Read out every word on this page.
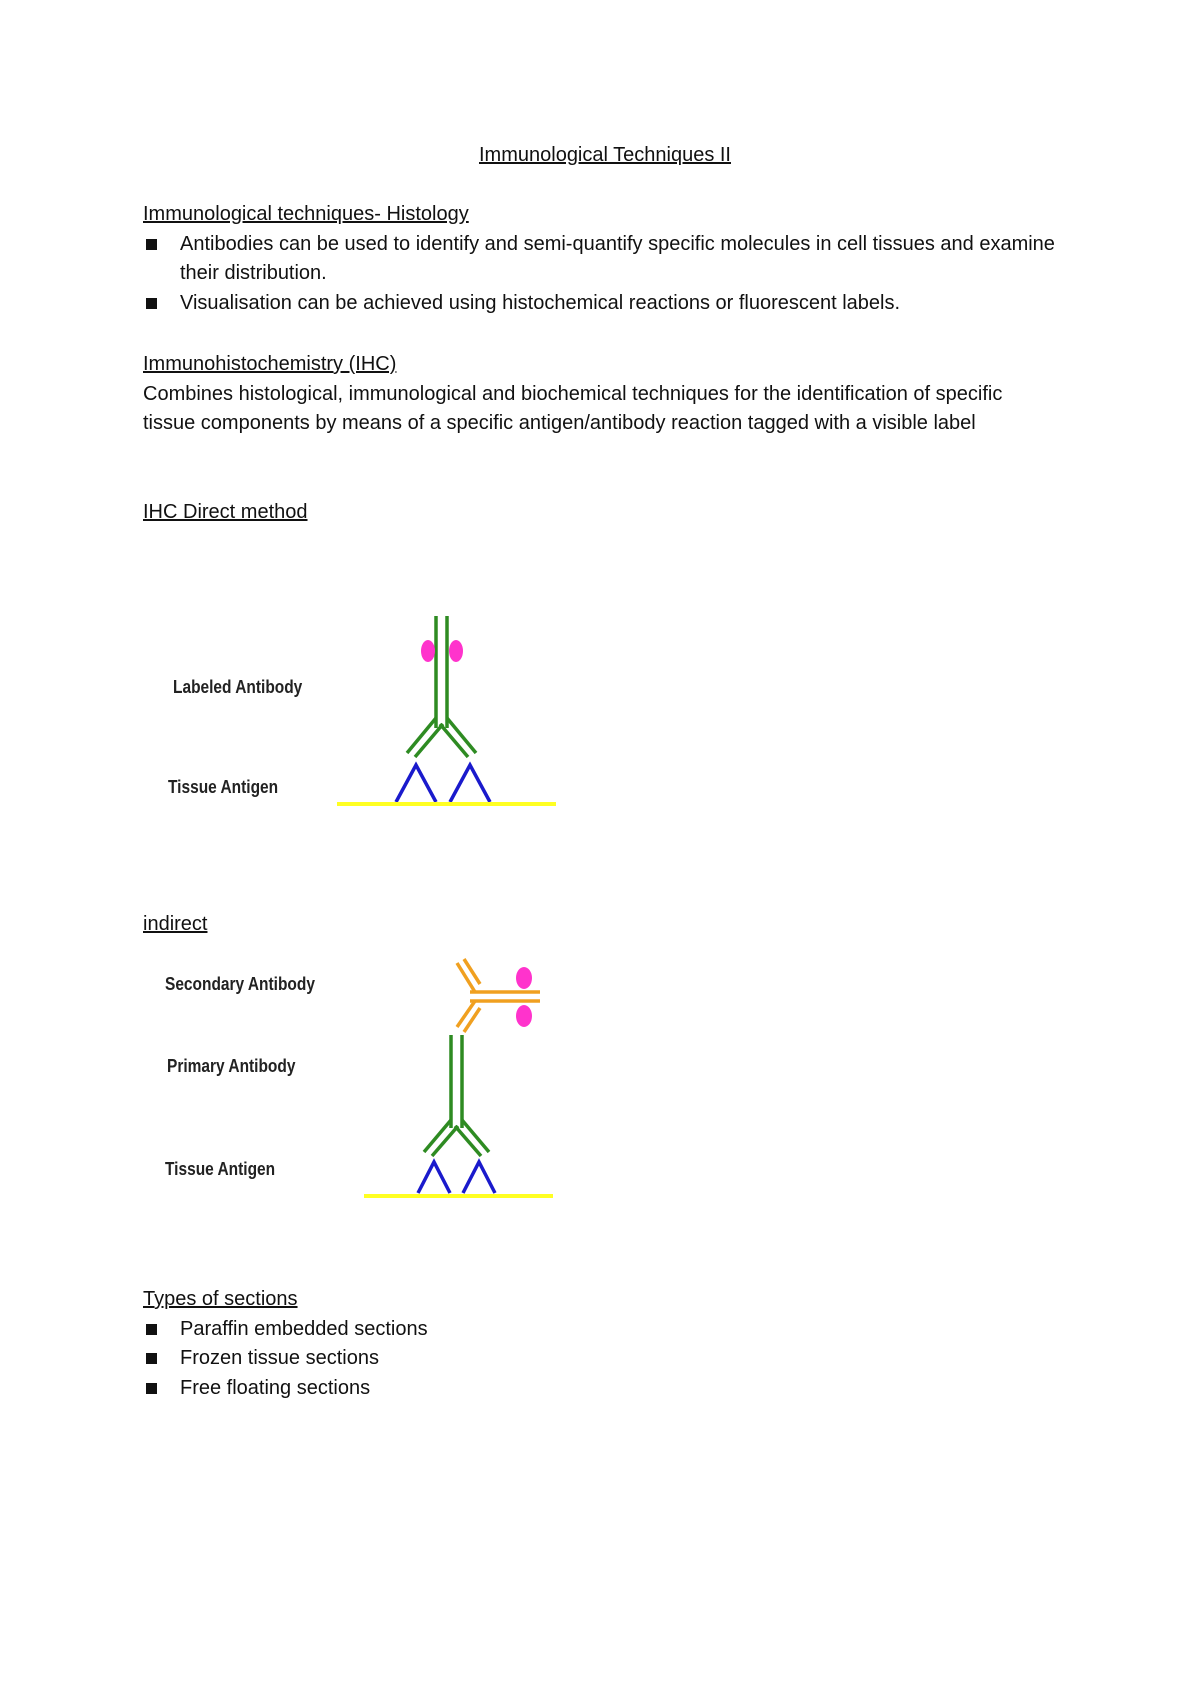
Immunological Techniques II
Immunological techniques- Histology
Antibodies can be used to identify and semi-quantify specific molecules in cell tissues and examine their distribution.
Visualisation can be achieved using histochemical reactions or fluorescent labels.
Immunohistochemistry (IHC)
Combines histological, immunological and biochemical techniques for the identification of specific tissue components by means of a specific antigen/antibody reaction tagged with a visible label
IHC Direct method
Labeled Antibody
Tissue Antigen
indirect
Secondary Antibody
Primary Antibody
Tissue Antigen
Types of sections
Paraffin embedded sections
Frozen tissue sections
Free floating sections
